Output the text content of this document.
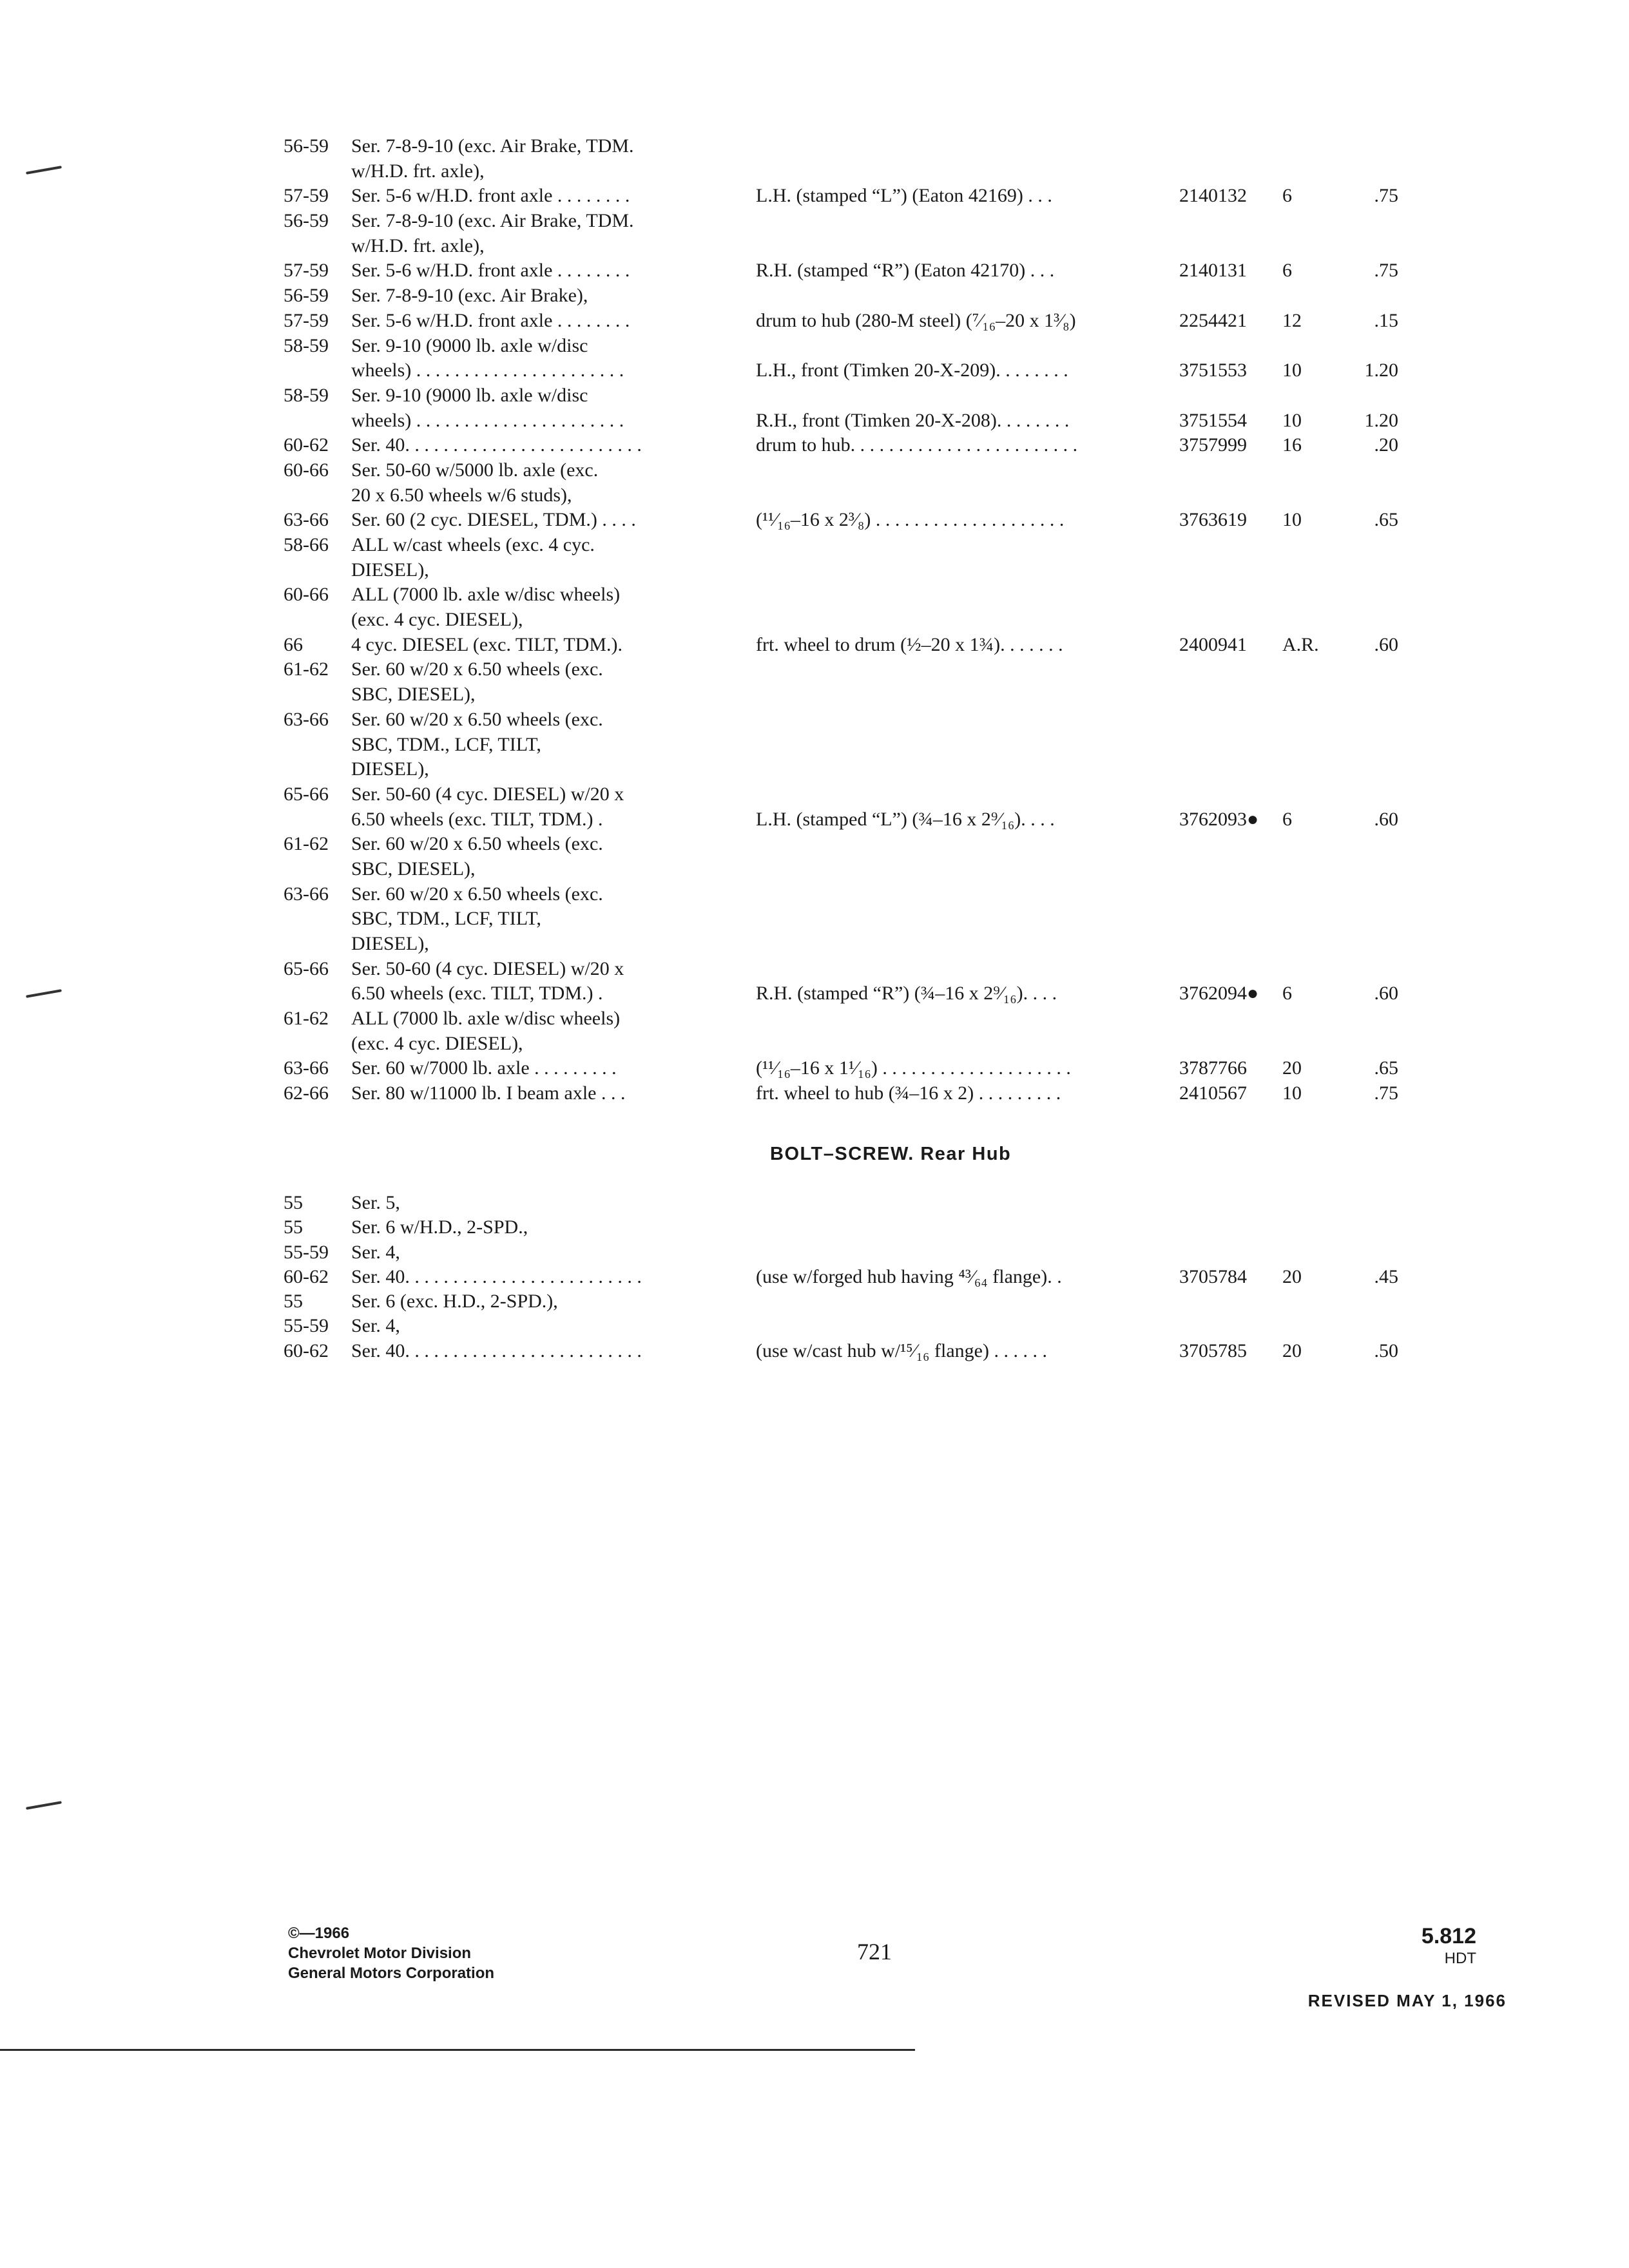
56-59 Ser. 7-8-9-10 (exc. Air Brake, TDM.
w/H.D. frt. axle),
57-59 Ser. 5-6 w/H.D. front axle . . . . . . . .	L.H. (stamped “L”) (Eaton 42169) . . .	2140132 6	.75
56-59 Ser. 7-8-9-10 (exc. Air Brake, TDM.
w/H.D. frt. axle),
57-59 Ser. 5-6 w/H.D. front axle . . . . . . . .	R.H. (stamped “R”) (Eaton 42170) . . .	2140131 6	.75
56-59 Ser. 7-8-9-10 (exc. Air Brake),
57-59 Ser. 5-6 w/H.D. front axle . . . . . . . .	drum to hub (280-M steel) (⁷⁄₁₆–20 x 1³⁄₈)	2254421 12	.15
58-59 Ser. 9-10 (9000 lb. axle w/disc
wheels) . . . . . . . . . . . . . . . . . . . . . .	L.H., front (Timken 20-X-209). . . . . . . .	3751553 10	1.20
58-59 Ser. 9-10 (9000 lb. axle w/disc
wheels) . . . . . . . . . . . . . . . . . . . . . .	R.H., front (Timken 20-X-208). . . . . . . .	3751554 10	1.20
60-62 Ser. 40. . . . . . . . . . . . . . . . . . . . . . . . .	drum to hub. . . . . . . . . . . . . . . . . . . . . . . .	3757999 16	.20
60-66 Ser. 50-60 w/5000 lb. axle (exc.
20 x 6.50 wheels w/6 studs),
63-66 Ser. 60 (2 cyc. DIESEL, TDM.) . . . .	(¹¹⁄₁₆–16 x 2³⁄₈) . . . . . . . . . . . . . . . . . . . .	3763619 10	.65
58-66 ALL w/cast wheels (exc. 4 cyc.
DIESEL),
60-66 ALL (7000 lb. axle w/disc wheels)
(exc. 4 cyc. DIESEL),
66	4 cyc. DIESEL (exc. TILT, TDM.).	frt. wheel to drum (½–20 x 1¾). . . . . . .	2400941 A.R.	.60
61-62 Ser. 60 w/20 x 6.50 wheels (exc.
SBC, DIESEL),
63-66 Ser. 60 w/20 x 6.50 wheels (exc.
SBC, TDM., LCF, TILT,
DIESEL),
65-66 Ser. 50-60 (4 cyc. DIESEL) w/20 x
6.50 wheels (exc. TILT, TDM.) .	L.H. (stamped “L”) (¾–16 x 2⁹⁄₁₆). . . .	3762093● 6	.60
61-62 Ser. 60 w/20 x 6.50 wheels (exc.
SBC, DIESEL),
63-66 Ser. 60 w/20 x 6.50 wheels (exc.
SBC, TDM., LCF, TILT,
DIESEL),
65-66 Ser. 50-60 (4 cyc. DIESEL) w/20 x
6.50 wheels (exc. TILT, TDM.) .	R.H. (stamped “R”) (¾–16 x 2⁹⁄₁₆). . . .	3762094● 6	.60
61-62 ALL (7000 lb. axle w/disc wheels)
(exc. 4 cyc. DIESEL),
63-66 Ser. 60 w/7000 lb. axle . . . . . . . . .	(¹¹⁄₁₆–16 x 1¹⁄₁₆) . . . . . . . . . . . . . . . . . . . .	3787766 20	.65
62-66 Ser. 80 w/11000 lb. I beam axle . . .	frt. wheel to hub (¾–16 x 2) . . . . . . . . .	2410567 10	.75
BOLT–SCREW. Rear Hub
55	Ser. 5,
55	Ser. 6 w/H.D., 2-SPD.,
55-59 Ser. 4,
60-62 Ser. 40. . . . . . . . . . . . . . . . . . . . . . . . .	(use w/forged hub having ⁴³⁄₆₄ flange). .	3705784 20	.45
55	Ser. 6 (exc. H.D., 2-SPD.),
55-59 Ser. 4,
60-62 Ser. 40. . . . . . . . . . . . . . . . . . . . . . . . .	(use w/cast hub w/¹⁵⁄₁₆ flange) . . . . . .	3705785 20	.50
©—1966
Chevrolet Motor Division
General Motors Corporation
721
5.812
HDT
REVISED MAY 1, 1966
